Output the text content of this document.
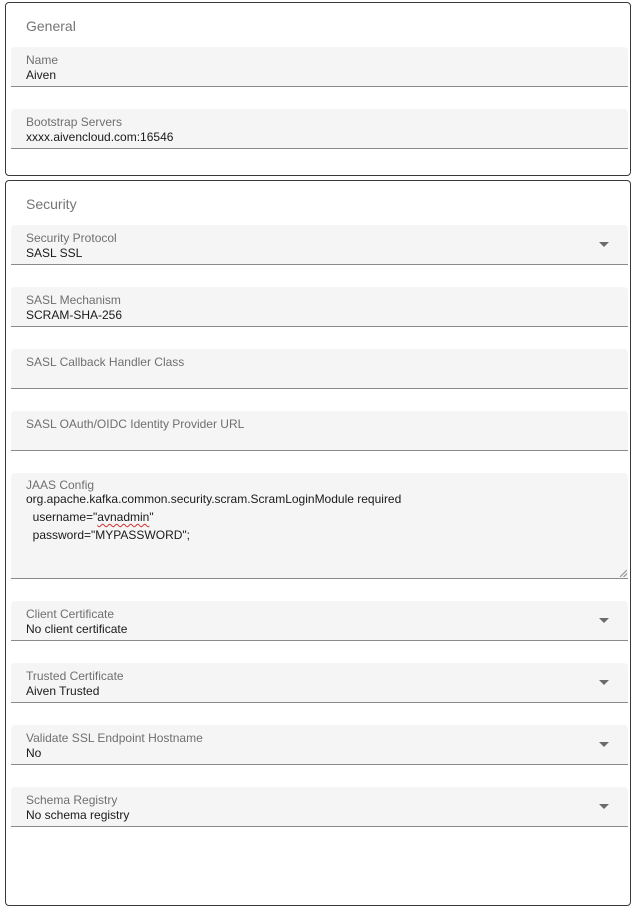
General
Name
Aiven
Bootstrap Servers
xxxx.aivencloud.com:16546
Security
Security Protocol
SASL SSL
SASL Mechanism
SCRAM-SHA-256
SASL Callback Handler Class
SASL OAuth/OIDC Identity Provider URL
JAAS Config
org.apache.kafka.common.security.scram.ScramLoginModule required
username="avnadmin"
password="MYPASSWORD";
Client Certificate
No client certificate
Trusted Certificate
Aiven Trusted
Validate SSL Endpoint Hostname
No
Schema Registry
No schema registry
